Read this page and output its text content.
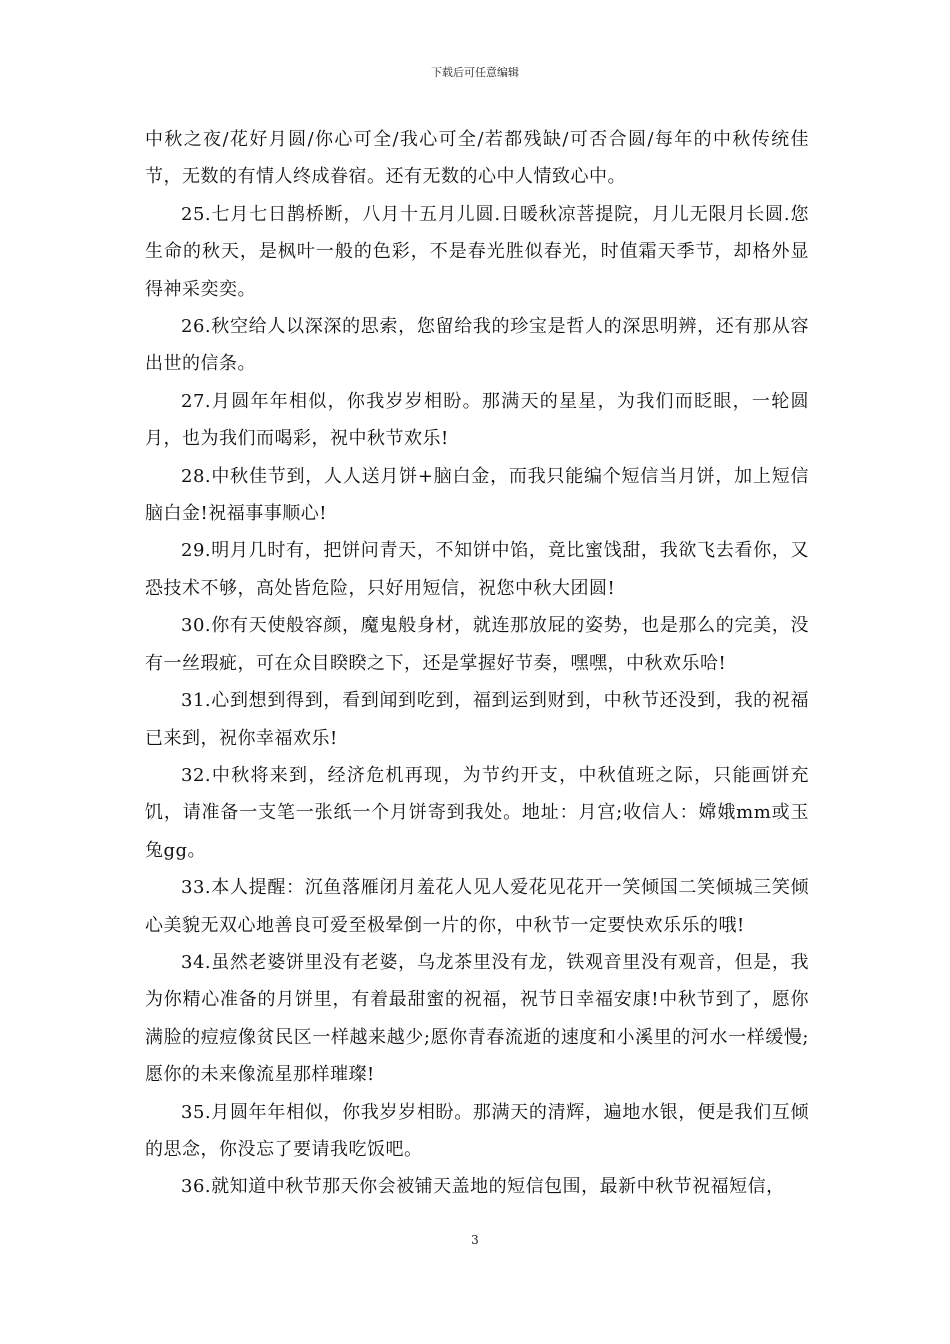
下载后可任意编辑

中秋之夜/花好月圆/你心可全/我心可全/若都残缺/可否合圆/每年的中秋传统佳节，无数的有情人终成眷宿。还有无数的心中人情致心中。

25.七月七日鹊桥断，八月十五月儿圆.日暖秋凉菩提院，月儿无限月长圆.您生命的秋天，是枫叶一般的色彩，不是春光胜似春光，时值霜天季节，却格外显得神采奕奕。

26.秋空给人以深深的思索，您留给我的珍宝是哲人的深思明辨，还有那从容出世的信条。

27.月圆年年相似，你我岁岁相盼。那满天的星星，为我们而眨眼，一轮圆月，也为我们而喝彩，祝中秋节欢乐!

28.中秋佳节到，人人送月饼+脑白金，而我只能编个短信当月饼，加上短信脑白金!祝福事事顺心!

29.明月几时有，把饼问青天，不知饼中馅，竟比蜜饯甜，我欲飞去看你，又恐技术不够，高处皆危险，只好用短信，祝您中秋大团圆!

30.你有天使般容颜，魔鬼般身材，就连那放屁的姿势，也是那么的完美，没有一丝瑕疵，可在众目睽睽之下，还是掌握好节奏，嘿嘿，中秋欢乐哈!

31.心到想到得到，看到闻到吃到，福到运到财到，中秋节还没到，我的祝福已来到，祝你幸福欢乐!

32.中秋将来到，经济危机再现，为节约开支，中秋值班之际，只能画饼充饥，请准备一支笔一张纸一个月饼寄到我处。地址：月宫;收信人：嫦娥mm或玉兔gg。

33.本人提醒：沉鱼落雁闭月羞花人见人爱花见花开一笑倾国二笑倾城三笑倾心美貌无双心地善良可爱至极晕倒一片的你，中秋节一定要快欢乐乐的哦!

34.虽然老婆饼里没有老婆，乌龙茶里没有龙，铁观音里没有观音，但是，我为你精心准备的月饼里，有着最甜蜜的祝福，祝节日幸福安康!中秋节到了，愿你满脸的痘痘像贫民区一样越来越少;愿你青春流逝的速度和小溪里的河水一样缓慢;愿你的未来像流星那样璀璨!

35.月圆年年相似，你我岁岁相盼。那满天的清辉，遍地水银，便是我们互倾的思念，你没忘了要请我吃饭吧。

36.就知道中秋节那天你会被铺天盖地的短信包围，最新中秋节祝福短信，

3
